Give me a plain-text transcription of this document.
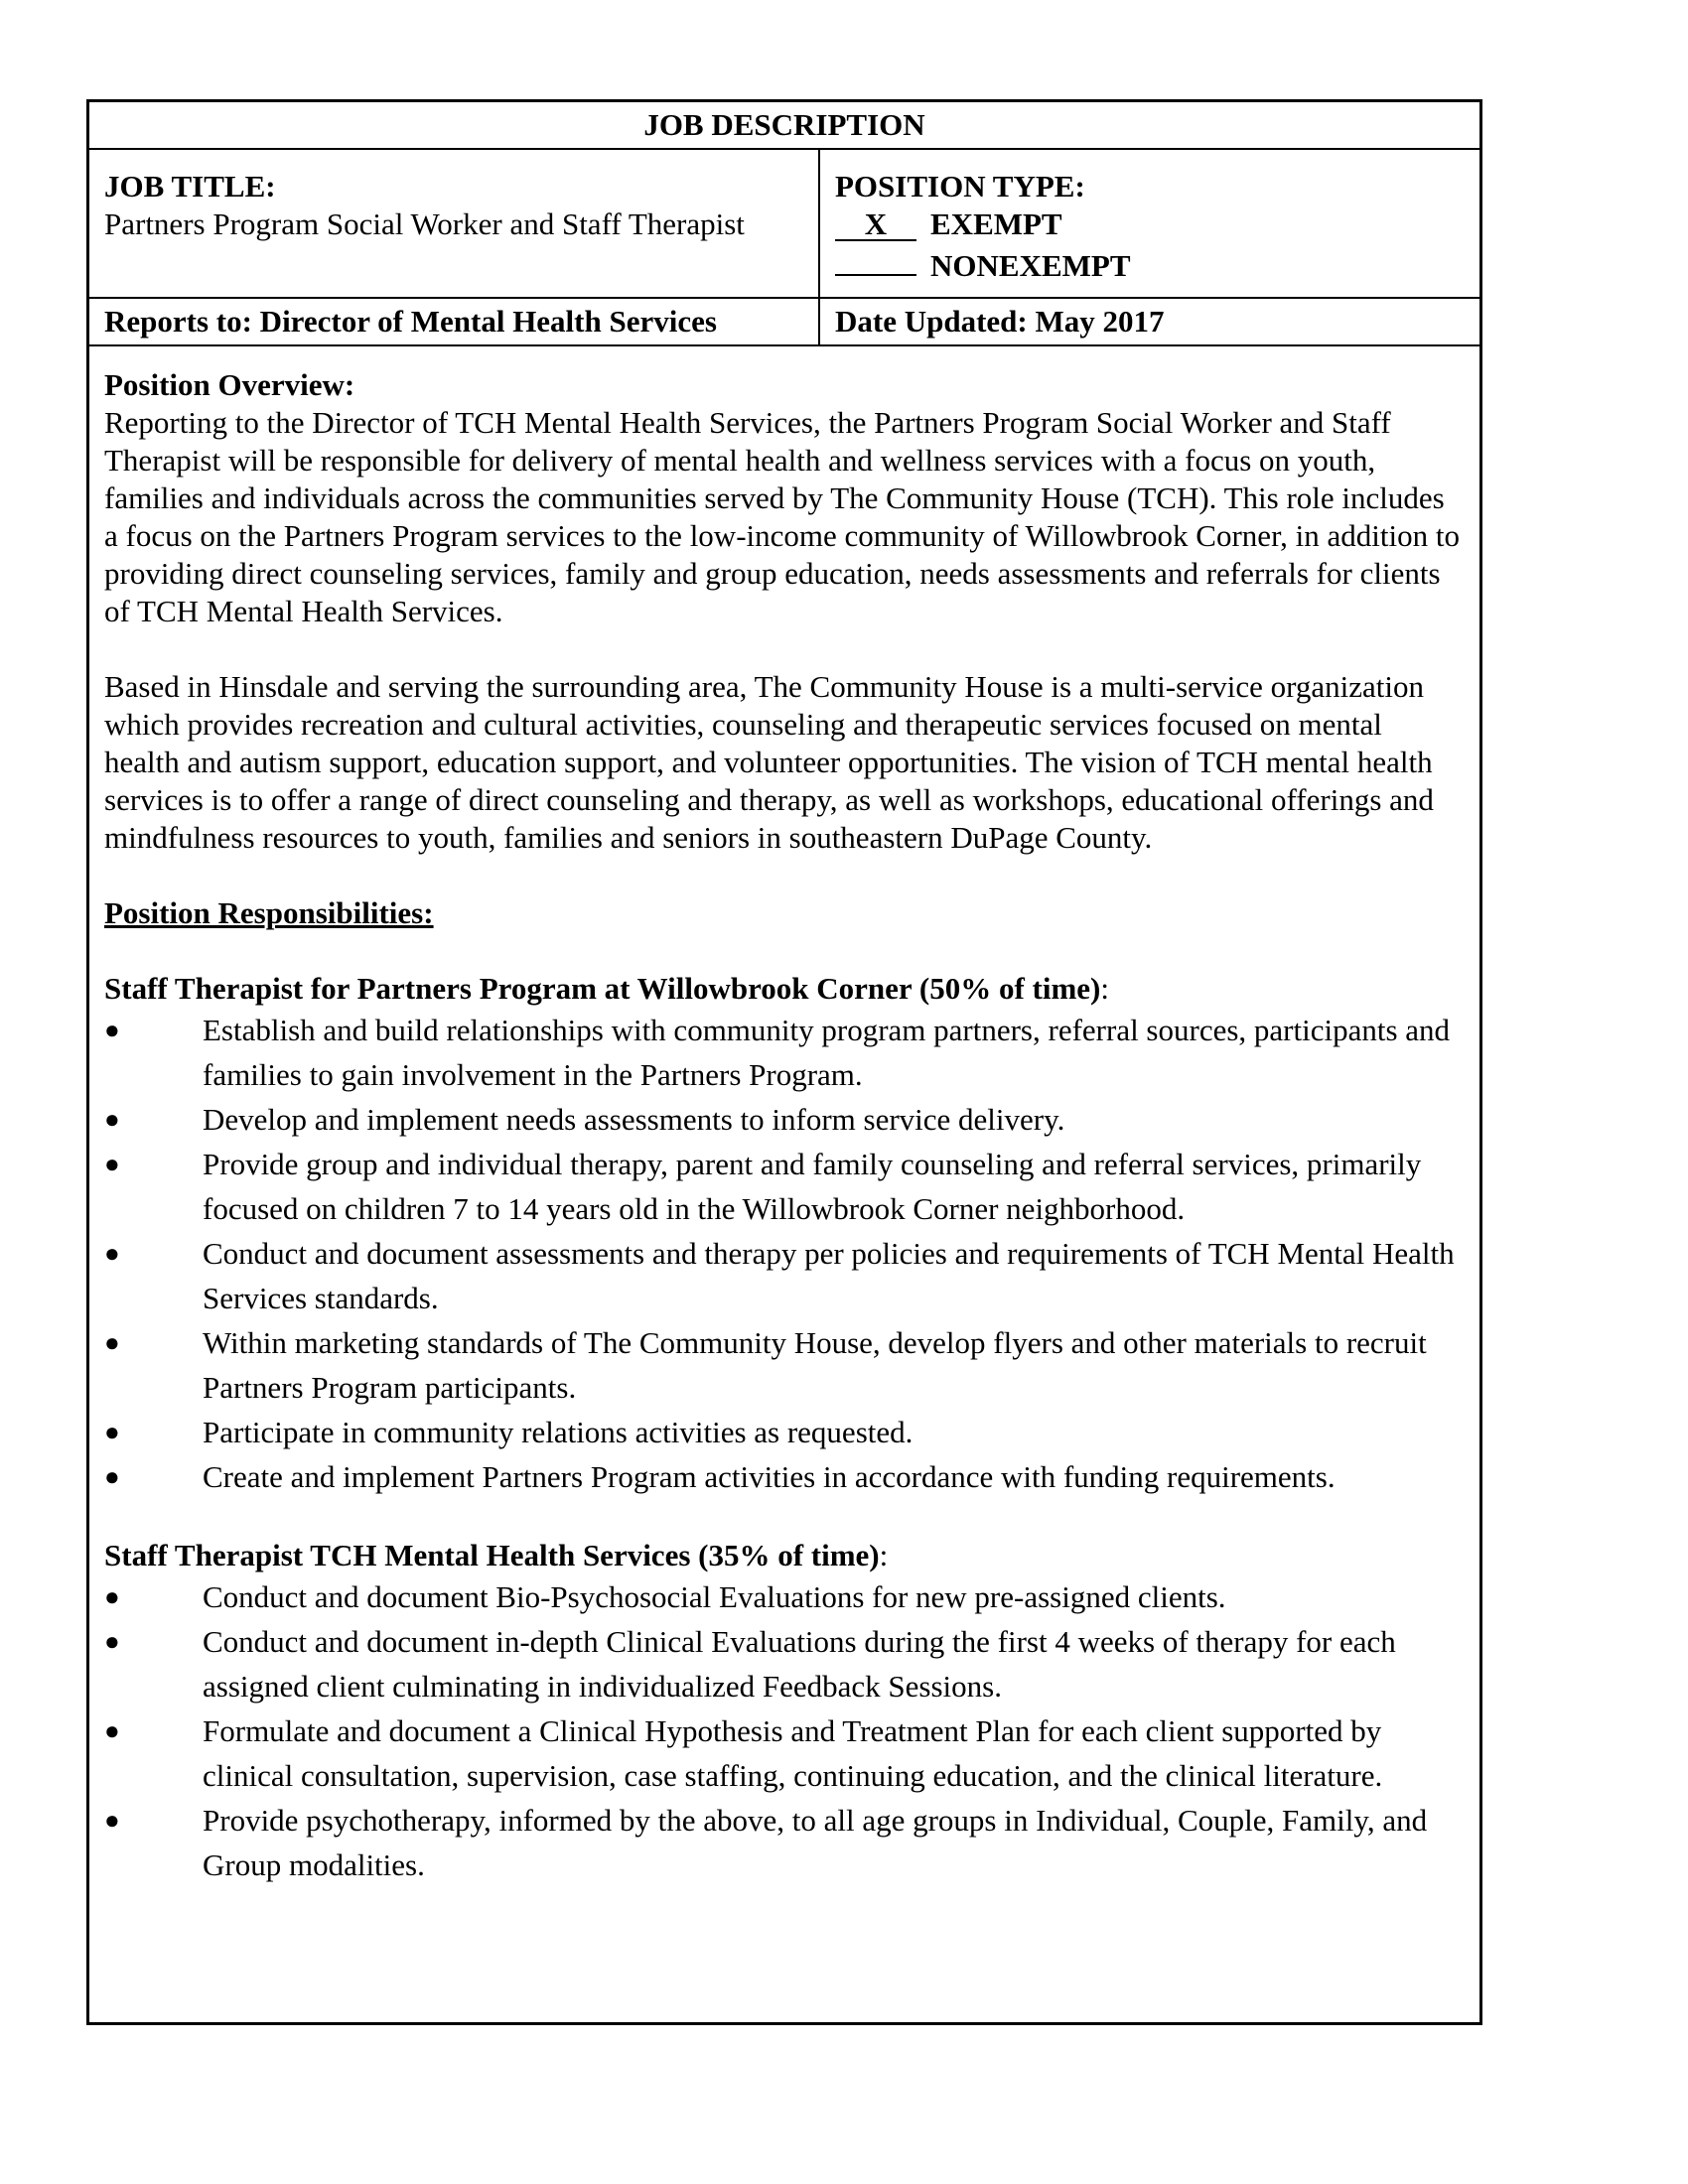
JOB DESCRIPTION
JOB TITLE:
Partners Program Social Worker and Staff Therapist
POSITION TYPE:
X	EXEMPT
NONEXEMPT
Reports to: Director of Mental Health Services	Date Updated: May 2017

Position Overview:

Reporting to the Director of TCH Mental Health Services, the Partners Program Social Worker and Staff Therapist will be responsible for delivery of mental health and wellness services with a focus on youth, families and individuals across the communities served by The Community House (TCH). This role includes a focus on the Partners Program services to the low-income community of Willowbrook Corner, in addition to providing direct counseling services, family and group education, needs assessments and referrals for clients of TCH Mental Health Services.

Based in Hinsdale and serving the surrounding area, The Community House is a multi-service organization which provides recreation and cultural activities, counseling and therapeutic services focused on mental health and autism support, education support, and volunteer opportunities. The vision of TCH mental health services is to offer a range of direct counseling and therapy, as well as workshops, educational offerings and mindfulness resources to youth, families and seniors in southeastern DuPage County.

Position Responsibilities:

Staff Therapist for Partners Program at Willowbrook Corner (50% of time):

●	Establish and build relationships with community program partners, referral sources, participants and families to gain involvement in the Partners Program.
●	Develop and implement needs assessments to inform service delivery.
●	Provide group and individual therapy, parent and family counseling and referral services, primarily focused on children 7 to 14 years old in the Willowbrook Corner neighborhood.
●	Conduct and document assessments and therapy per policies and requirements of TCH Mental Health Services standards.
●	Within marketing standards of The Community House, develop flyers and other materials to recruit Partners Program participants.
●	Participate in community relations activities as requested.
●	Create and implement Partners Program activities in accordance with funding requirements.

Staff Therapist TCH Mental Health Services (35% of time):

●	Conduct and document Bio-Psychosocial Evaluations for new pre-assigned clients.
●	Conduct and document in-depth Clinical Evaluations during the first 4 weeks of therapy for each assigned client culminating in individualized Feedback Sessions.
●	Formulate and document a Clinical Hypothesis and Treatment Plan for each client supported by clinical consultation, supervision, case staffing, continuing education, and the clinical literature.
●	Provide psychotherapy, informed by the above, to all age groups in Individual, Couple, Family, and Group modalities.
